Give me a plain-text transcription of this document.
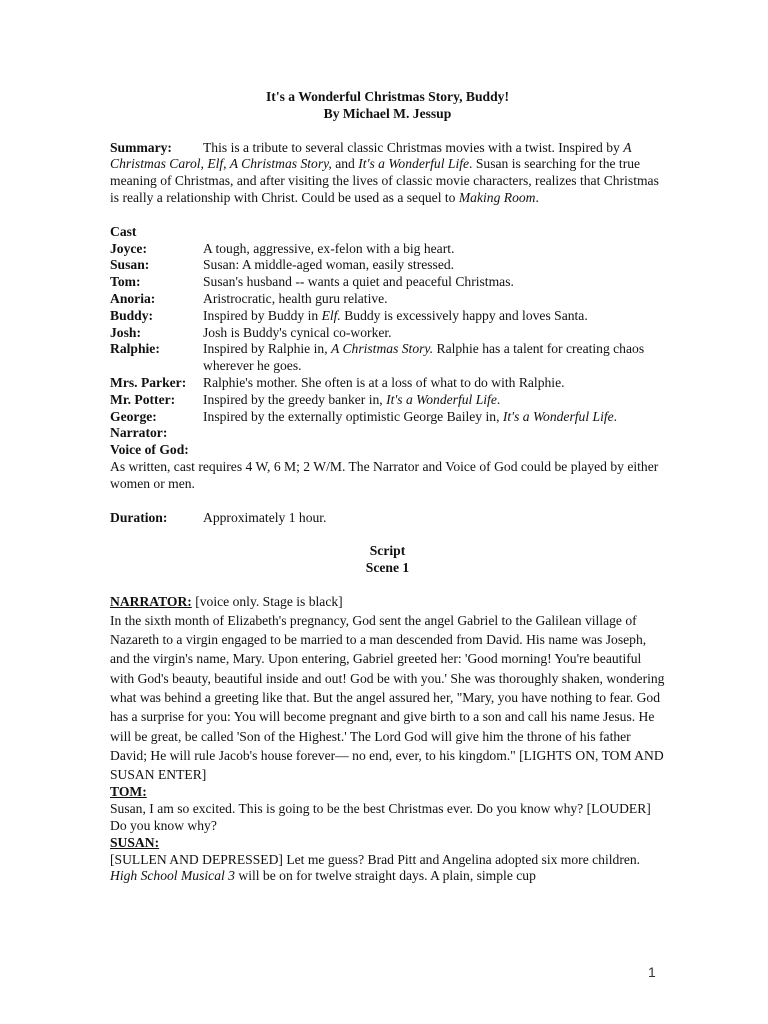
It's a Wonderful Christmas Story, Buddy!
By Michael M. Jessup

Summary: This is a tribute to several classic Christmas movies with a twist. Inspired by A Christmas Carol, Elf, A Christmas Story, and It's a Wonderful Life. Susan is searching for the true meaning of Christmas, and after visiting the lives of classic movie characters, realizes that Christmas is really a relationship with Christ. Could be used as a sequel to Making Room.

Cast
Joyce:	A tough, aggressive, ex-felon with a big heart.
Susan:	Susan: A middle-aged woman, easily stressed.
Tom:	Susan's husband -- wants a quiet and peaceful Christmas.
Anoria:	Aristrocratic, health guru relative.
Buddy:	Inspired by Buddy in Elf. Buddy is excessively happy and loves Santa.
Josh:	Josh is Buddy's cynical co-worker.
Ralphie:	Inspired by Ralphie in, A Christmas Story. Ralphie has a talent for creating chaos wherever he goes.
Mrs. Parker:	Ralphie's mother. She often is at a loss of what to do with Ralphie.
Mr. Potter:	Inspired by the greedy banker in, It's a Wonderful Life.
George:	Inspired by the externally optimistic George Bailey in, It's a Wonderful Life.
Narrator:
Voice of God:

As written, cast requires 4 W, 6 M; 2 W/M. The Narrator and Voice of God could be played by either women or men.

Duration:	Approximately 1 hour.
Script
Scene 1
NARRATOR: [voice only. Stage is black]

In the sixth month of Elizabeth's pregnancy, God sent the angel Gabriel to the Galilean village of Nazareth to a virgin engaged to be married to a man descended from David. His name was Joseph, and the virgin's name, Mary. Upon entering, Gabriel greeted her: 'Good morning! You're beautiful with God's beauty, beautiful inside and out! God be with you.' She was thoroughly shaken, wondering what was behind a greeting like that. But the angel assured her, "Mary, you have nothing to fear. God has a surprise for you: You will become pregnant and give birth to a son and call his name Jesus. He will be great, be called 'Son of the Highest.' The Lord God will give him the throne of his father David; He will rule Jacob's house forever— no end, ever, to his kingdom." [LIGHTS ON, TOM AND SUSAN ENTER]

TOM:

Susan, I am so excited. This is going to be the best Christmas ever. Do you know why? [LOUDER] Do you know why?

SUSAN:

[SULLEN AND DEPRESSED] Let me guess? Brad Pitt and Angelina adopted six more children. High School Musical 3 will be on for twelve straight days. A plain, simple cup

1
